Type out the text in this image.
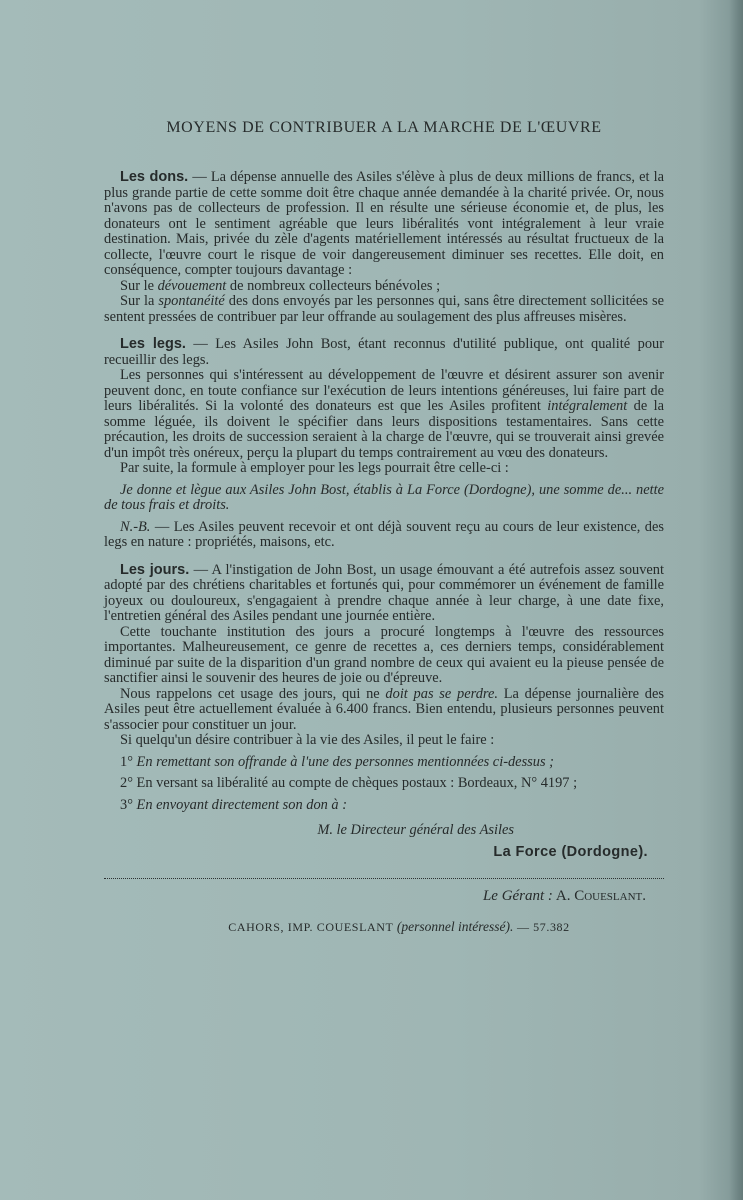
MOYENS DE CONTRIBUER A LA MARCHE DE L'ŒUVRE

Les dons. — La dépense annuelle des Asiles s'élève à plus de deux millions de francs, et la plus grande partie de cette somme doit être chaque année demandée à la charité privée. Or, nous n'avons pas de collecteurs de profession. Il en résulte une sérieuse économie et, de plus, les donateurs ont le sentiment agréable que leurs libéralités vont intégralement à leur vraie destination. Mais, privée du zèle d'agents matériellement intéressés au résultat fructueux de la collecte, l'œuvre court le risque de voir dangereusement diminuer ses recettes. Elle doit, en conséquence, compter toujours davantage :

Sur le dévouement de nombreux collecteurs bénévoles ;

Sur la spontanéité des dons envoyés par les personnes qui, sans être directement sollicitées se sentent pressées de contribuer par leur offrande au soulagement des plus affreuses misères.

Les legs. — Les Asiles John Bost, étant reconnus d'utilité publique, ont qualité pour recueillir des legs.

Les personnes qui s'intéressent au développement de l'œuvre et désirent assurer son avenir peuvent donc, en toute confiance sur l'exécution de leurs intentions généreuses, lui faire part de leurs libéralités. Si la volonté des donateurs est que les Asiles profitent intégralement de la somme léguée, ils doivent le spécifier dans leurs dispositions testamentaires. Sans cette précaution, les droits de succession seraient à la charge de l'œuvre, qui se trouverait ainsi grevée d'un impôt très onéreux, perçu la plupart du temps contrairement au vœu des donateurs.

Par suite, la formule à employer pour les legs pourrait être celle-ci :

Je donne et lègue aux Asiles John Bost, établis à La Force (Dordogne), une somme de... nette de tous frais et droits.

N.-B. — Les Asiles peuvent recevoir et ont déjà souvent reçu au cours de leur existence, des legs en nature : propriétés, maisons, etc.

Les jours. — A l'instigation de John Bost, un usage émouvant a été autrefois assez souvent adopté par des chrétiens charitables et fortunés qui, pour commémorer un événement de famille joyeux ou douloureux, s'engagaient à prendre chaque année à leur charge, à une date fixe, l'entretien général des Asiles pendant une journée entière.

Cette touchante institution des jours a procuré longtemps à l'œuvre des ressources importantes. Malheureusement, ce genre de recettes a, ces derniers temps, considérablement diminué par suite de la disparition d'un grand nombre de ceux qui avaient eu la pieuse pensée de sanctifier ainsi le souvenir des heures de joie ou d'épreuve.

Nous rappelons cet usage des jours, qui ne doit pas se perdre. La dépense journalière des Asiles peut être actuellement évaluée à 6.400 francs. Bien entendu, plusieurs personnes peuvent s'associer pour constituer un jour.

Si quelqu'un désire contribuer à la vie des Asiles, il peut le faire :

1° En remettant son offrande à l'une des personnes mentionnées ci-dessus ;

2° En versant sa libéralité au compte de chèques postaux : Bordeaux, N° 4197 ;

3° En envoyant directement son don à :

M. le Directeur général des Asiles
La Force (Dordogne).
Le Gérant : A. Coueslant.
CAHORS, IMP. COUESLANT (personnel intéressé). — 57.382
